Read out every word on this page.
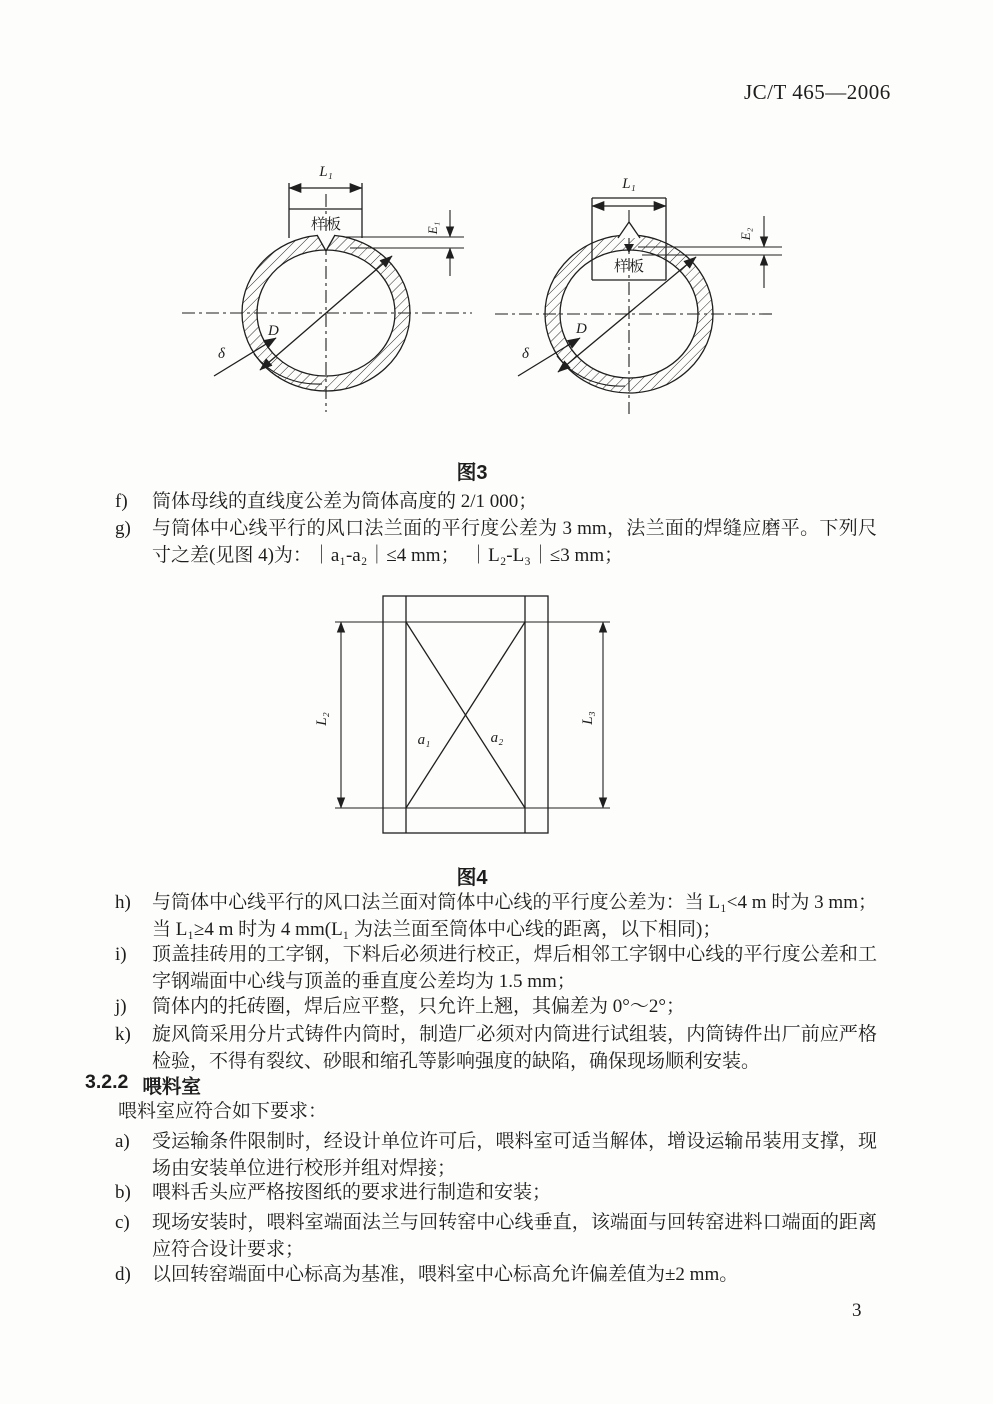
JC/T 465—2006
样板
L₁
E₁
D
δ
样板
L₁
E₂
D
δ
图3
f)	筒体母线的直线度公差为筒体高度的 2/1 000；
g)	与筒体中心线平行的风口法兰面的平行度公差为 3 mm，法兰面的焊缝应磨平。下列尺寸之差(见图 4)为：｜a₁-a₂｜≤4 mm；　｜L₂-L₃｜≤3 mm；
a₁	a₂
L₂	L₃
图4
h)	与筒体中心线平行的风口法兰面对筒体中心线的平行度公差为：当 L₁<4 m 时为 3 mm；当 L₁≥4 m 时为 4 mm(L₁ 为法兰面至筒体中心线的距离，以下相同)；
i)	顶盖挂砖用的工字钢，下料后必须进行校正，焊后相邻工字钢中心线的平行度公差和工字钢端面中心线与顶盖的垂直度公差均为 1.5 mm；
j)	筒体内的托砖圈，焊后应平整，只允许上翘，其偏差为 0°～2°；
k)	旋风筒采用分片式铸件内筒时，制造厂必须对内筒进行试组装，内筒铸件出厂前应严格检验，不得有裂纹、砂眼和缩孔等影响强度的缺陷，确保现场顺利安装。
3.2.2 喂料室
喂料室应符合如下要求：
a)	受运输条件限制时，经设计单位许可后，喂料室可适当解体，增设运输吊装用支撑，现场由安装单位进行校形并组对焊接；
b)	喂料舌头应严格按图纸的要求进行制造和安装；
c)	现场安装时，喂料室端面法兰与回转窑中心线垂直，该端面与回转窑进料口端面的距离应符合设计要求；
d)	以回转窑端面中心标高为基准，喂料室中心标高允许偏差值为±2 mm。
3
